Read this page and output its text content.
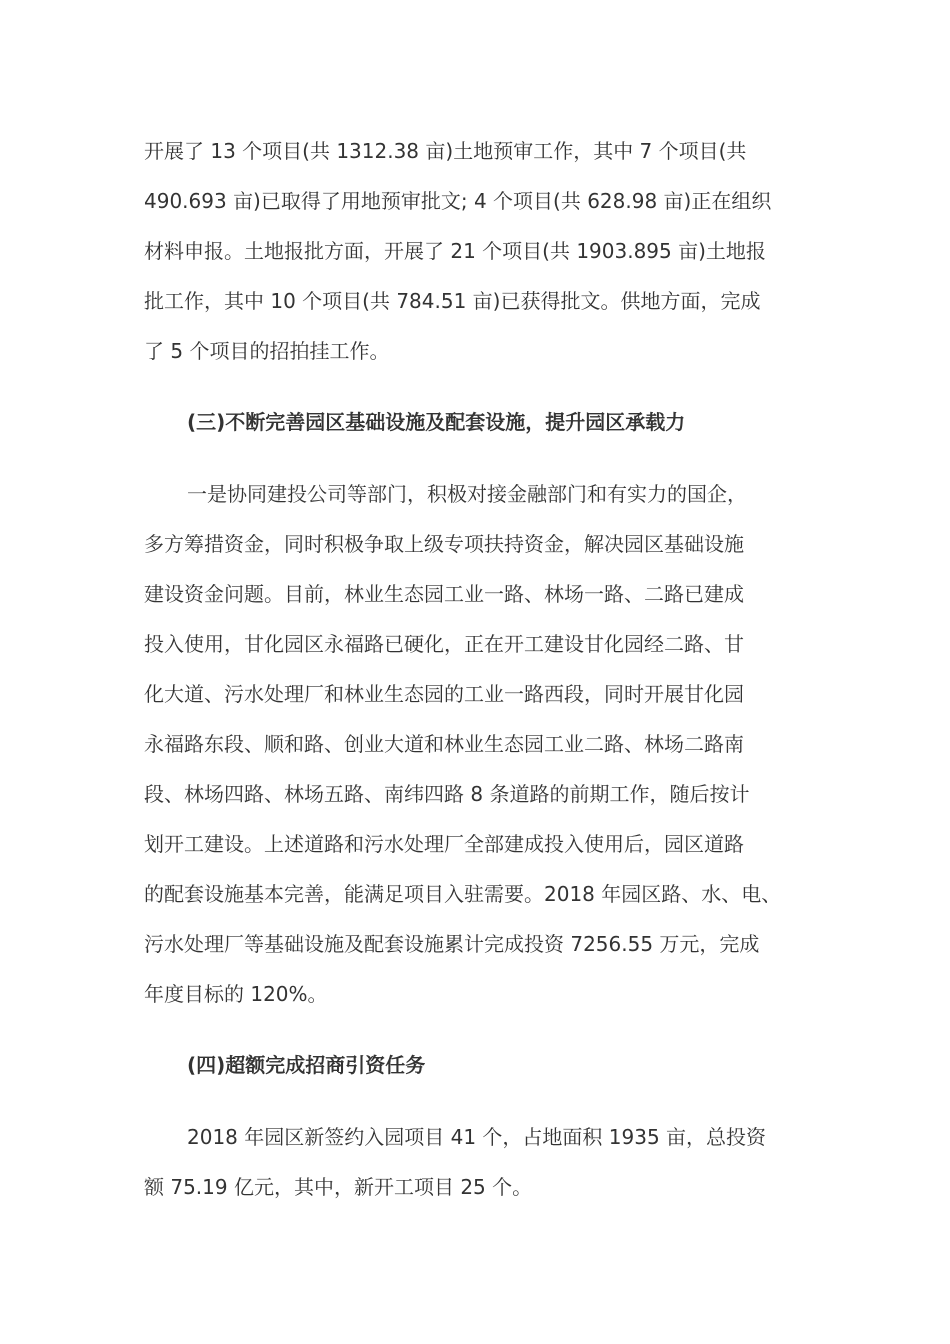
开展了 13 个项目(共 1312.38 亩)土地预审工作，其中 7 个项目(共
490.693 亩)已取得了用地预审批文; 4 个项目(共 628.98 亩)正在组织
材料申报。土地报批方面，开展了 21 个项目(共 1903.895 亩)土地报
批工作，其中 10 个项目(共 784.51 亩)已获得批文。供地方面，完成
了 5 个项目的招拍挂工作。
(三)不断完善园区基础设施及配套设施，提升园区承载力
一是协同建投公司等部门，积极对接金融部门和有实力的国企，
多方筹措资金，同时积极争取上级专项扶持资金，解决园区基础设施
建设资金问题。目前，林业生态园工业一路、林场一路、二路已建成
投入使用，甘化园区永福路已硬化，正在开工建设甘化园经二路、甘
化大道、污水处理厂和林业生态园的工业一路西段，同时开展甘化园
永福路东段、顺和路、创业大道和林业生态园工业二路、林场二路南
段、林场四路、林场五路、南纬四路 8 条道路的前期工作，随后按计
划开工建设。上述道路和污水处理厂全部建成投入使用后，园区道路
的配套设施基本完善，能满足项目入驻需要。2018 年园区路、水、电、
污水处理厂等基础设施及配套设施累计完成投资 7256.55 万元，完成
年度目标的 120%。
(四)超额完成招商引资任务
2018 年园区新签约入园项目 41 个，占地面积 1935 亩，总投资
额 75.19 亿元，其中，新开工项目 25 个。
